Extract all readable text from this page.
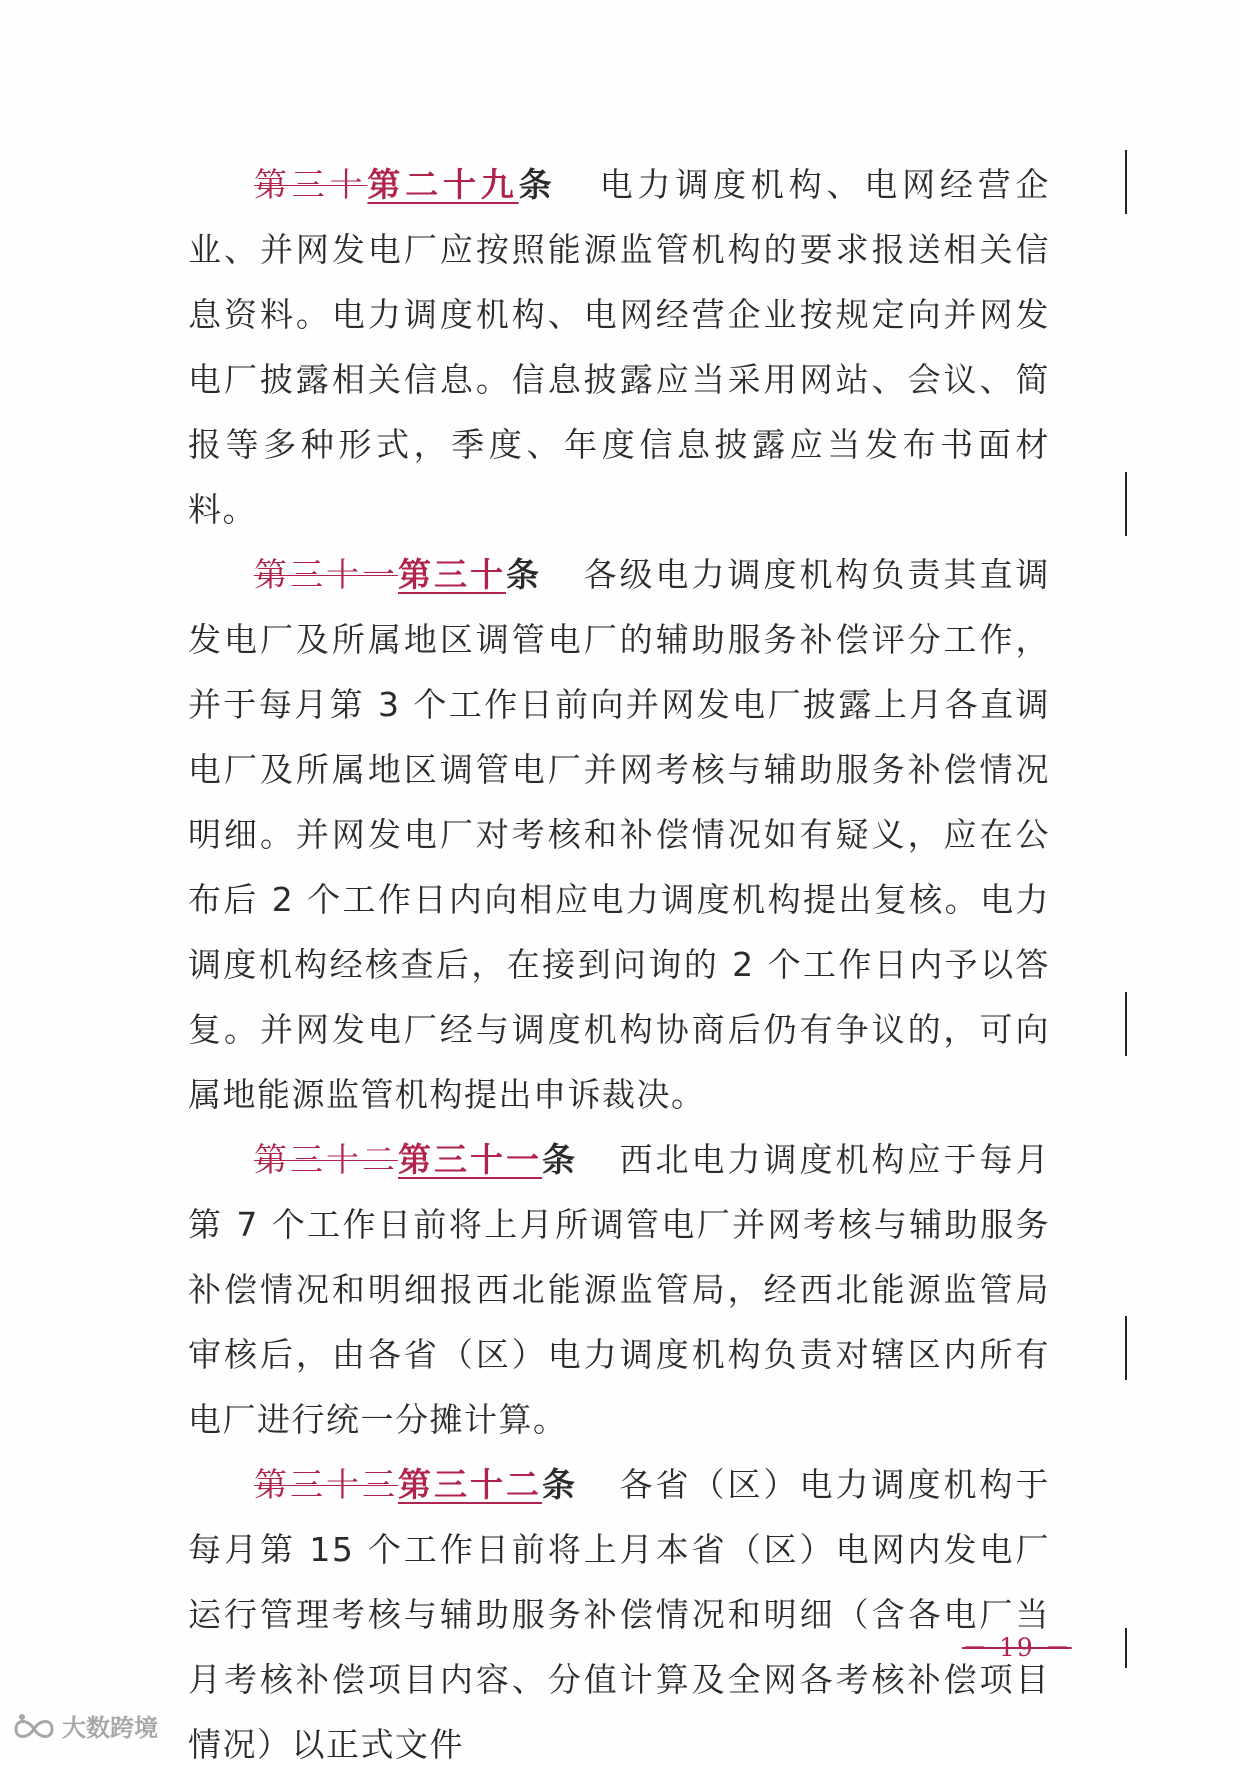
第三十第二十九条 电力调度机构、电网经营企业、并网发电厂应按照能源监管机构的要求报送相关信息资料。电力调度机构、电网经营企业按规定向并网发电厂披露相关信息。信息披露应当采用网站、会议、简报等多种形式，季度、年度信息披露应当发布书面材料。

第三十一第三十条 各级电力调度机构负责其直调发电厂及所属地区调管电厂的辅助服务补偿评分工作，并于每月第 3 个工作日前向并网发电厂披露上月各直调电厂及所属地区调管电厂并网考核与辅助服务补偿情况明细。并网发电厂对考核和补偿情况如有疑义，应在公布后 2 个工作日内向相应电力调度机构提出复核。电力调度机构经核查后，在接到问询的 2 个工作日内予以答复。并网发电厂经与调度机构协商后仍有争议的，可向属地能源监管机构提出申诉裁决。

第三十二第三十一条 西北电力调度机构应于每月第 7 个工作日前将上月所调管电厂并网考核与辅助服务补偿情况和明细报西北能源监管局，经西北能源监管局审核后，由各省（区）电力调度机构负责对辖区内所有电厂进行统一分摊计算。

第三十三第三十二条 各省（区）电力调度机构于每月第 15 个工作日前将上月本省（区）电网内发电厂运行管理考核与辅助服务补偿情况和明细（含各电厂当月考核补偿项目内容、分值计算及全网各考核补偿项目情况）以正式文件

－ 19 －
大数跨境
